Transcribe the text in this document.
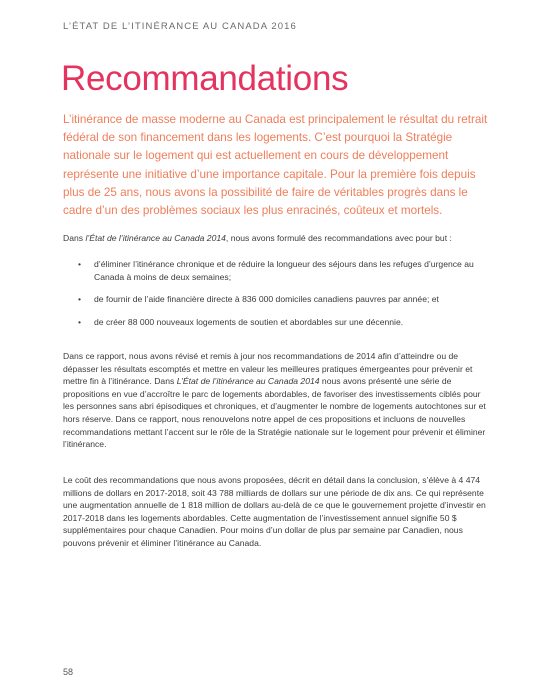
L’ÉTAT DE L’ITINÉRANCE AU CANADA 2016
Recommandations

L’itinérance de masse moderne au Canada est principalement le résultat du retrait fédéral de son financement dans les logements. C’est pourquoi la Stratégie nationale sur le logement qui est actuellement en cours de développement représente une initiative d’une importance capitale. Pour la première fois depuis plus de 25 ans, nous avons la possibilité de faire de véritables progrès dans le cadre d’un des problèmes sociaux les plus enracinés, coûteux et mortels.

Dans l’État de l’itinérance au Canada 2014, nous avons formulé des recommandations avec pour but :

• d’éliminer l’itinérance chronique et de réduire la longueur des séjours dans les refuges d’urgence au Canada à moins de deux semaines;
• de fournir de l’aide financière directe à 836 000 domiciles canadiens pauvres par année; et
• de créer 88 000 nouveaux logements de soutien et abordables sur une décennie.

Dans ce rapport, nous avons révisé et remis à jour nos recommandations de 2014 afin d’atteindre ou de dépasser les résultats escomptés et mettre en valeur les meilleures pratiques émergeantes pour prévenir et mettre fin à l’itinérance. Dans L’État de l’itinérance au Canada 2014 nous avons présenté une série de propositions en vue d’accroître le parc de logements abordables, de favoriser des investissements ciblés pour les personnes sans abri épisodiques et chroniques, et d’augmenter le nombre de logements autochtones sur et hors réserve. Dans ce rapport, nous renouvelons notre appel de ces propositions et incluons de nouvelles recommandations mettant l’accent sur le rôle de la Stratégie nationale sur le logement pour prévenir et éliminer l’itinérance.

Le coût des recommandations que nous avons proposées, décrit en détail dans la conclusion, s’élève à 4 474 millions de dollars en 2017-2018, soit 43 788 milliards de dollars sur une période de dix ans. Ce qui représente une augmentation annuelle de 1 818 million de dollars au-delà de ce que le gouvernement projette d’investir en 2017-2018 dans les logements abordables. Cette augmentation de l’investissement annuel signifie 50 $ supplémentaires pour chaque Canadien. Pour moins d’un dollar de plus par semaine par Canadien, nous pouvons prévenir et éliminer l’itinérance au Canada.

58
